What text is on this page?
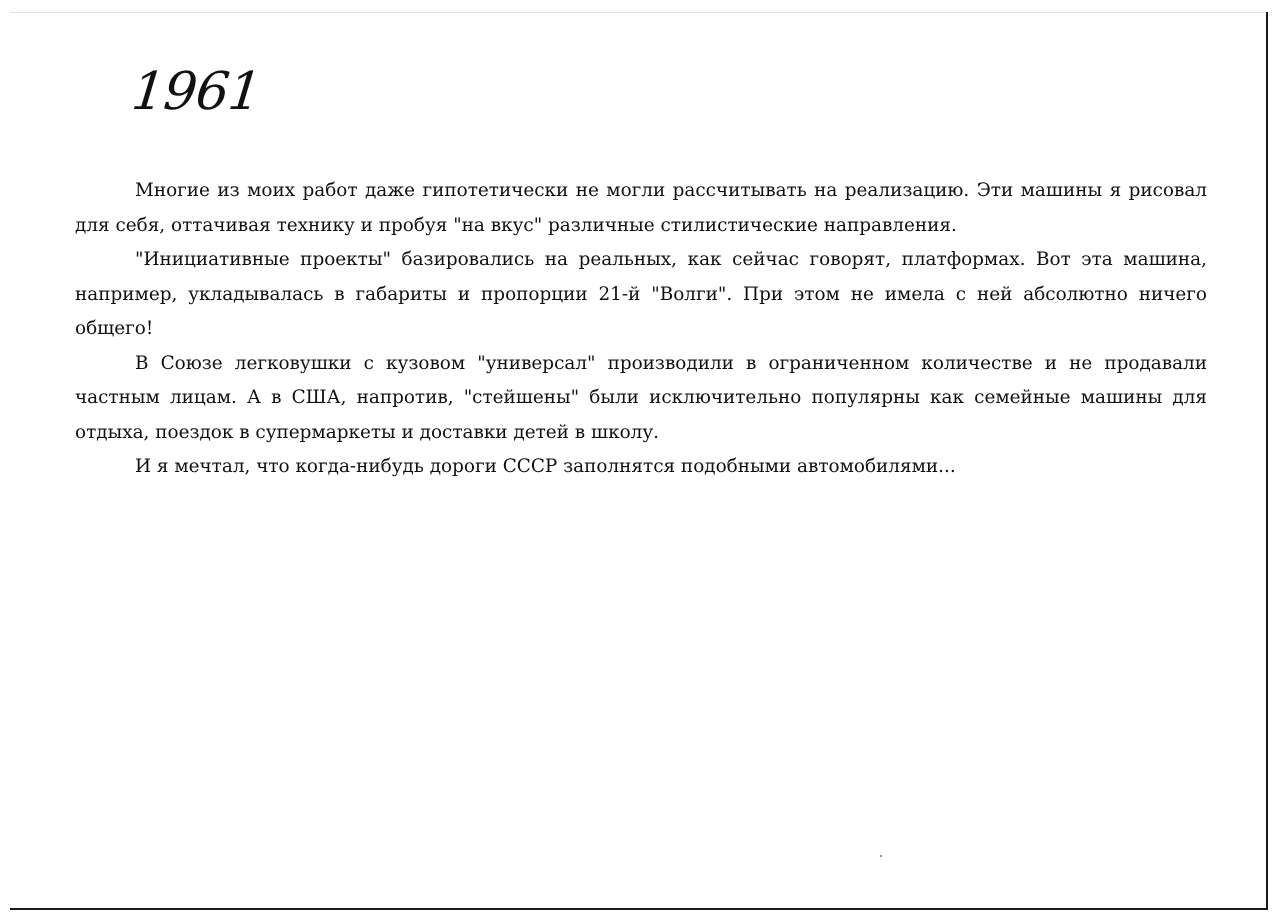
1961

Многие из моих работ даже гипотетически не могли рассчитывать на реализацию. Эти машины я рисовал для себя, оттачивая технику и пробуя "на вкус" различные стилистические направления.

"Инициативные проекты" базировались на реальных, как сейчас говорят, платформах. Вот эта машина, например, укладывалась в габариты и пропорции 21-й "Волги". При этом не имела с ней абсолютно ничего общего!

В Союзе легковушки с кузовом "универсал" производили в ограниченном количестве и не продавали частным лицам. А в США, напротив, "стейшены" были исключительно популярны как семейные машины для отдыха, поездок в супермаркеты и доставки детей в школу.

И я мечтал, что когда-нибудь дороги СССР заполнятся подобными автомобилями...
